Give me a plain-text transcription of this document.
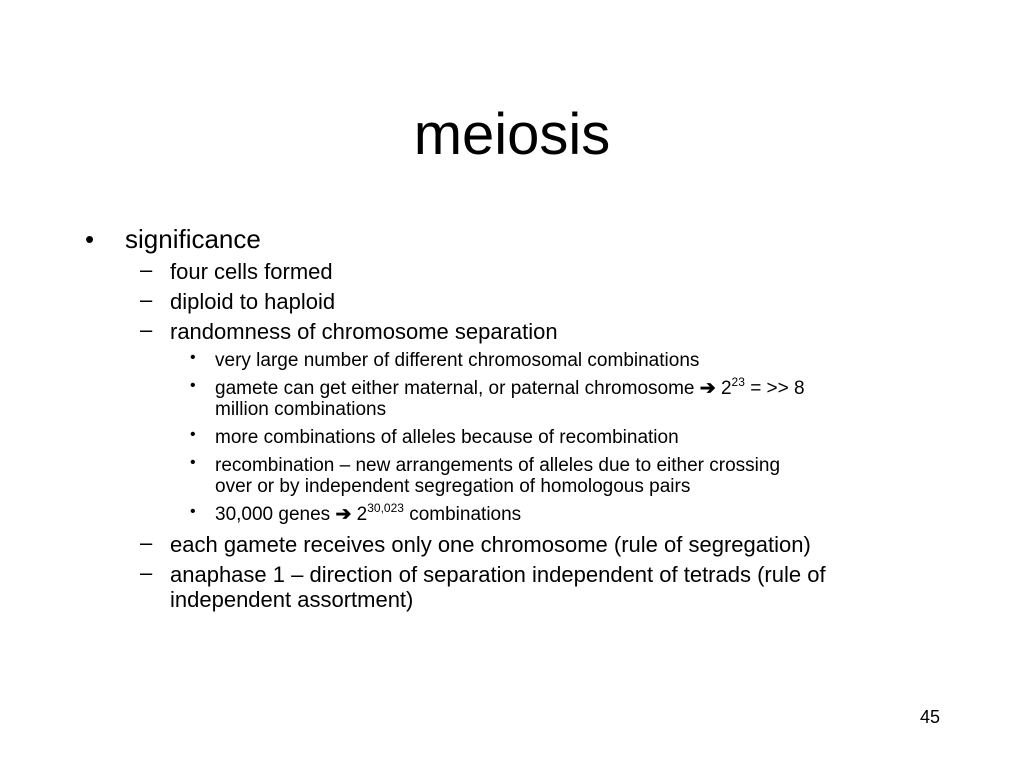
meiosis
• significance
– four cells formed
– diploid to haploid
– randomness of chromosome separation
• very large number of different chromosomal combinations
• gamete can get either maternal, or paternal chromosome ➔ $2^{23}$ = >> 8
million combinations
• more combinations of alleles because of recombination
• recombination – new arrangements of alleles due to either crossing
over or by independent segregation of homologous pairs
• 30,000 genes ➔ 2$^{30,023}$ combinations
– each gamete receives only one chromosome (rule of segregation)
– anaphase 1 – direction of separation independent of tetrads (rule of
independent assortment)
45
